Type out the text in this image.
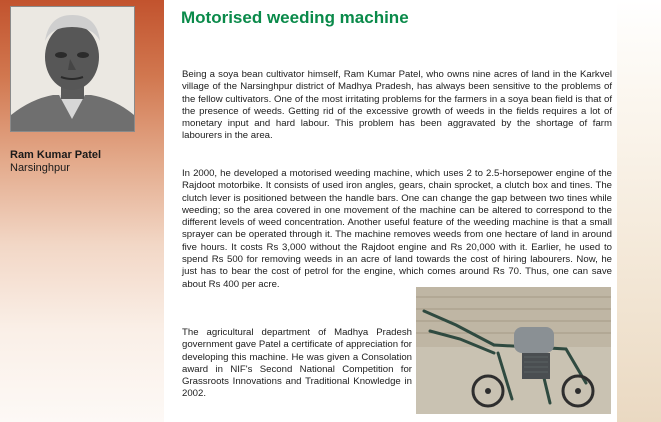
Ram Kumar Patel
Narsinghpur
Motorised weeding machine

Being a soya bean cultivator himself, Ram Kumar Patel, who owns nine acres of land in the Karkvel village of the Narsinghpur district of Madhya Pradesh, has always been sensitive to the problems of the fellow cultivators. One of the most irritating problems for the farmers in a soya bean field is that of the presence of weeds. Getting rid of the excessive growth of weeds in the fields requires a lot of monetary input and hard labour. This problem has been aggravated by the shortage of farm labourers in the area.

In 2000, he developed a motorised weeding machine, which uses 2 to 2.5-horsepower engine of the Rajdoot motorbike. It consists of used iron angles, gears, chain sprocket, a clutch box and tines. The clutch lever is positioned between the handle bars. One can change the gap between two tines while weeding; so the area covered in one movement of the machine can be altered to correspond to the different levels of weed concentration. Another useful feature of the weeding machine is that a small sprayer can be operated through it. The machine removes weeds from one hectare of land in around five hours. It costs Rs 3,000 without the Rajdoot engine and Rs 20,000 with it. Earlier, he used to spend Rs 500 for removing weeds in an acre of land towards the cost of hiring labourers. Now, he just has to bear the cost of petrol for the engine, which comes around Rs 70. Thus, one can save about Rs 400 per acre.

The agricultural department of Madhya Pradesh government gave Patel a certificate of appreciation for developing this machine. He was given a Consolation award in NIF's Second National Competition for Grassroots Innovations and Traditional Knowledge in 2002.
